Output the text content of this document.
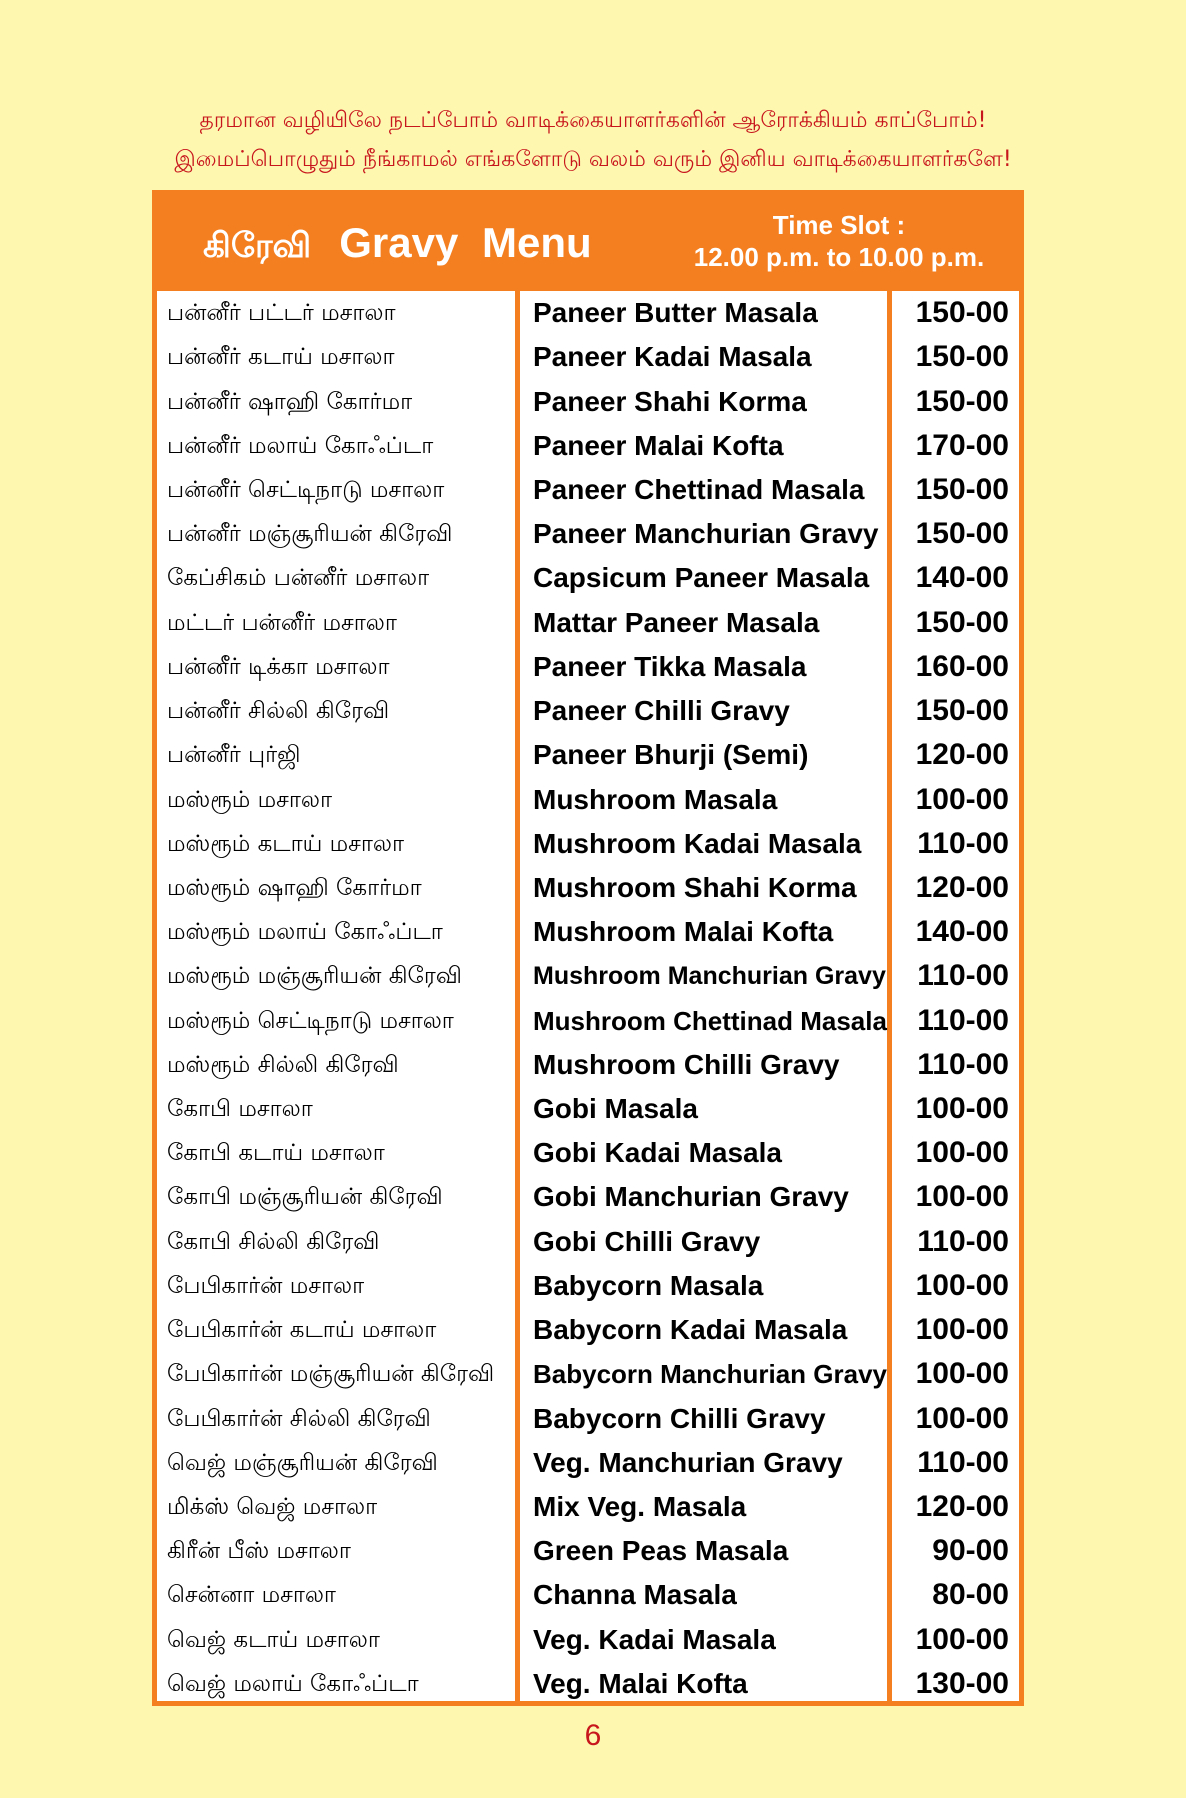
தரமான வழியிலே நடப்போம் வாடிக்கையாளர்களின் ஆரோக்கியம் காப்போம்!
இமைப்பொழுதும் நீங்காமல் எங்களோடு வலம் வரும் இனிய வாடிக்கையாளர்களே!
கிரேவி Gravy Menu	Time Slot :
12.00 p.m. to 10.00 p.m.
பன்னீர் பட்டர் மசாலா	Paneer Butter Masala	150-00
பன்னீர் கடாய் மசாலா	Paneer Kadai Masala	150-00
பன்னீர் ஷாஹி கோர்மா	Paneer Shahi Korma	150-00
பன்னீர் மலாய் கோஃப்டா	Paneer Malai Kofta	170-00
பன்னீர் செட்டிநாடு மசாலா	Paneer Chettinad Masala	150-00
பன்னீர் மஞ்சூரியன் கிரேவி	Paneer Manchurian Gravy	150-00
கேப்சிகம் பன்னீர் மசாலா	Capsicum Paneer Masala	140-00
மட்டர் பன்னீர் மசாலா	Mattar Paneer Masala	150-00
பன்னீர் டிக்கா மசாலா	Paneer Tikka Masala	160-00
பன்னீர் சில்லி கிரேவி	Paneer Chilli Gravy	150-00
பன்னீர் புர்ஜி	Paneer Bhurji (Semi)	120-00
மஸ்ரூம் மசாலா	Mushroom Masala	100-00
மஸ்ரூம் கடாய் மசாலா	Mushroom Kadai Masala	110-00
மஸ்ரூம் ஷாஹி கோர்மா	Mushroom Shahi Korma	120-00
மஸ்ரூம் மலாய் கோஃப்டா	Mushroom Malai Kofta	140-00
மஸ்ரூம் மஞ்சூரியன் கிரேவி	Mushroom Manchurian Gravy	110-00
மஸ்ரூம் செட்டிநாடு மசாலா	Mushroom Chettinad Masala	110-00
மஸ்ரூம் சில்லி கிரேவி	Mushroom Chilli Gravy	110-00
கோபி மசாலா	Gobi Masala	100-00
கோபி கடாய் மசாலா	Gobi Kadai Masala	100-00
கோபி மஞ்சூரியன் கிரேவி	Gobi Manchurian Gravy	100-00
கோபி சில்லி கிரேவி	Gobi Chilli Gravy	110-00
பேபிகார்ன் மசாலா	Babycorn Masala	100-00
பேபிகார்ன் கடாய் மசாலா	Babycorn Kadai Masala	100-00
பேபிகார்ன் மஞ்சூரியன் கிரேவி	Babycorn Manchurian Gravy 100-00
பேபிகார்ன் சில்லி கிரேவி	Babycorn Chilli Gravy	100-00
வெஜ் மஞ்சூரியன் கிரேவி	Veg. Manchurian Gravy	110-00
மிக்ஸ் வெஜ் மசாலா	Mix Veg. Masala	120-00
கிரீன் பீஸ் மசாலா	Green Peas Masala	90-00
சென்னா மசாலா	Channa Masala	80-00
வெஜ் கடாய் மசாலா	Veg. Kadai Masala	100-00
வெஜ் மலாய் கோஃப்டா	Veg. Malai Kofta	130-00
6
